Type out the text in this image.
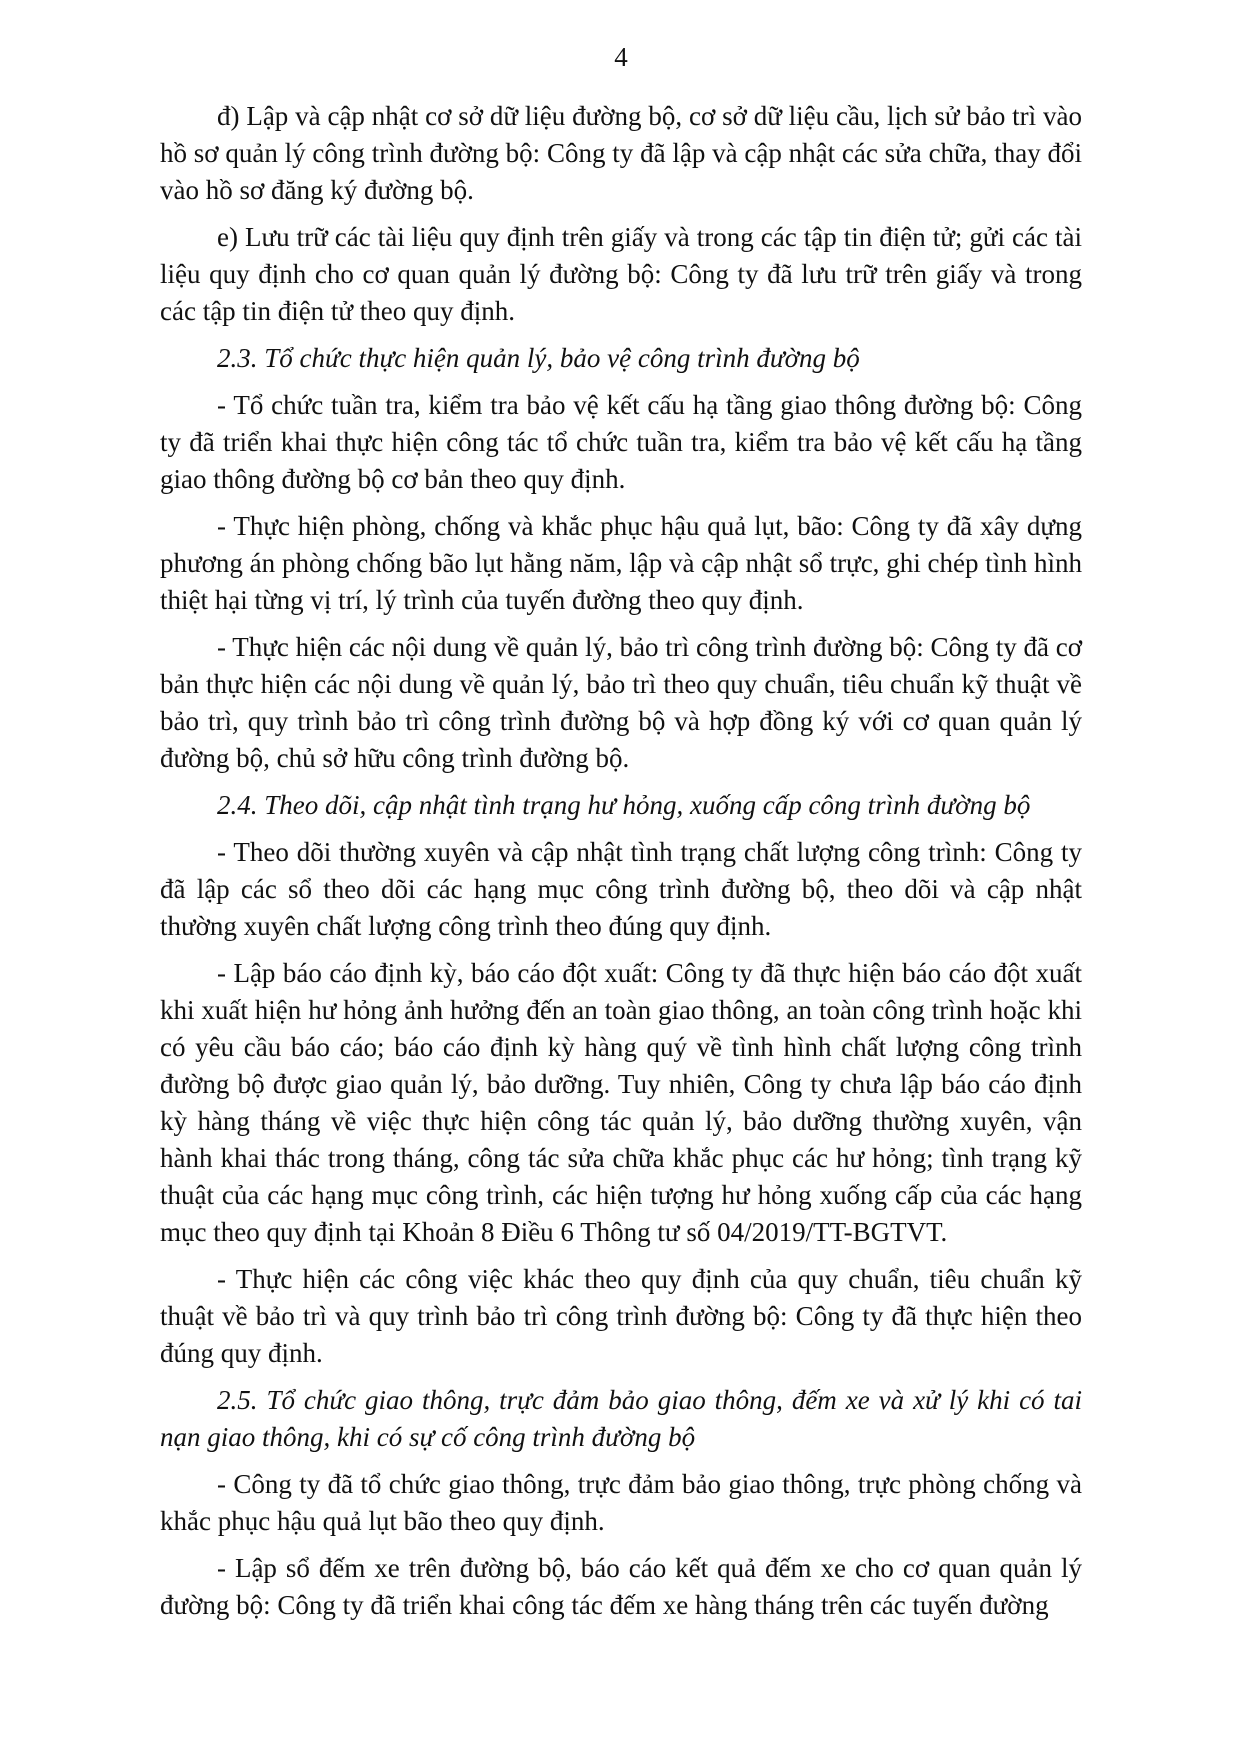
4

đ) Lập và cập nhật cơ sở dữ liệu đường bộ, cơ sở dữ liệu cầu, lịch sử bảo trì vào hồ sơ quản lý công trình đường bộ: Công ty đã lập và cập nhật các sửa chữa, thay đổi vào hồ sơ đăng ký đường bộ.

e) Lưu trữ các tài liệu quy định trên giấy và trong các tập tin điện tử; gửi các tài liệu quy định cho cơ quan quản lý đường bộ: Công ty đã lưu trữ trên giấy và trong các tập tin điện tử theo quy định.

2.3. Tổ chức thực hiện quản lý, bảo vệ công trình đường bộ

- Tổ chức tuần tra, kiểm tra bảo vệ kết cấu hạ tầng giao thông đường bộ: Công ty đã triển khai thực hiện công tác tổ chức tuần tra, kiểm tra bảo vệ kết cấu hạ tầng giao thông đường bộ cơ bản theo quy định.

- Thực hiện phòng, chống và khắc phục hậu quả lụt, bão: Công ty đã xây dựng phương án phòng chống bão lụt hằng năm, lập và cập nhật sổ trực, ghi chép tình hình thiệt hại từng vị trí, lý trình của tuyến đường theo quy định.

- Thực hiện các nội dung về quản lý, bảo trì công trình đường bộ: Công ty đã cơ bản thực hiện các nội dung về quản lý, bảo trì theo quy chuẩn, tiêu chuẩn kỹ thuật về bảo trì, quy trình bảo trì công trình đường bộ và hợp đồng ký với cơ quan quản lý đường bộ, chủ sở hữu công trình đường bộ.

2.4. Theo dõi, cập nhật tình trạng hư hỏng, xuống cấp công trình đường bộ

- Theo dõi thường xuyên và cập nhật tình trạng chất lượng công trình: Công ty đã lập các sổ theo dõi các hạng mục công trình đường bộ, theo dõi và cập nhật thường xuyên chất lượng công trình theo đúng quy định.

- Lập báo cáo định kỳ, báo cáo đột xuất: Công ty đã thực hiện báo cáo đột xuất khi xuất hiện hư hỏng ảnh hưởng đến an toàn giao thông, an toàn công trình hoặc khi có yêu cầu báo cáo; báo cáo định kỳ hàng quý về tình hình chất lượng công trình đường bộ được giao quản lý, bảo dưỡng. Tuy nhiên, Công ty chưa lập báo cáo định kỳ hàng tháng về việc thực hiện công tác quản lý, bảo dưỡng thường xuyên, vận hành khai thác trong tháng, công tác sửa chữa khắc phục các hư hỏng; tình trạng kỹ thuật của các hạng mục công trình, các hiện tượng hư hỏng xuống cấp của các hạng mục theo quy định tại Khoản 8 Điều 6 Thông tư số 04/2019/TT-BGTVT.

- Thực hiện các công việc khác theo quy định của quy chuẩn, tiêu chuẩn kỹ thuật về bảo trì và quy trình bảo trì công trình đường bộ: Công ty đã thực hiện theo đúng quy định.

2.5. Tổ chức giao thông, trực đảm bảo giao thông, đếm xe và xử lý khi có tai nạn giao thông, khi có sự cố công trình đường bộ

- Công ty đã tổ chức giao thông, trực đảm bảo giao thông, trực phòng chống và khắc phục hậu quả lụt bão theo quy định.

- Lập sổ đếm xe trên đường bộ, báo cáo kết quả đếm xe cho cơ quan quản lý đường bộ: Công ty đã triển khai công tác đếm xe hàng tháng trên các tuyến đường
